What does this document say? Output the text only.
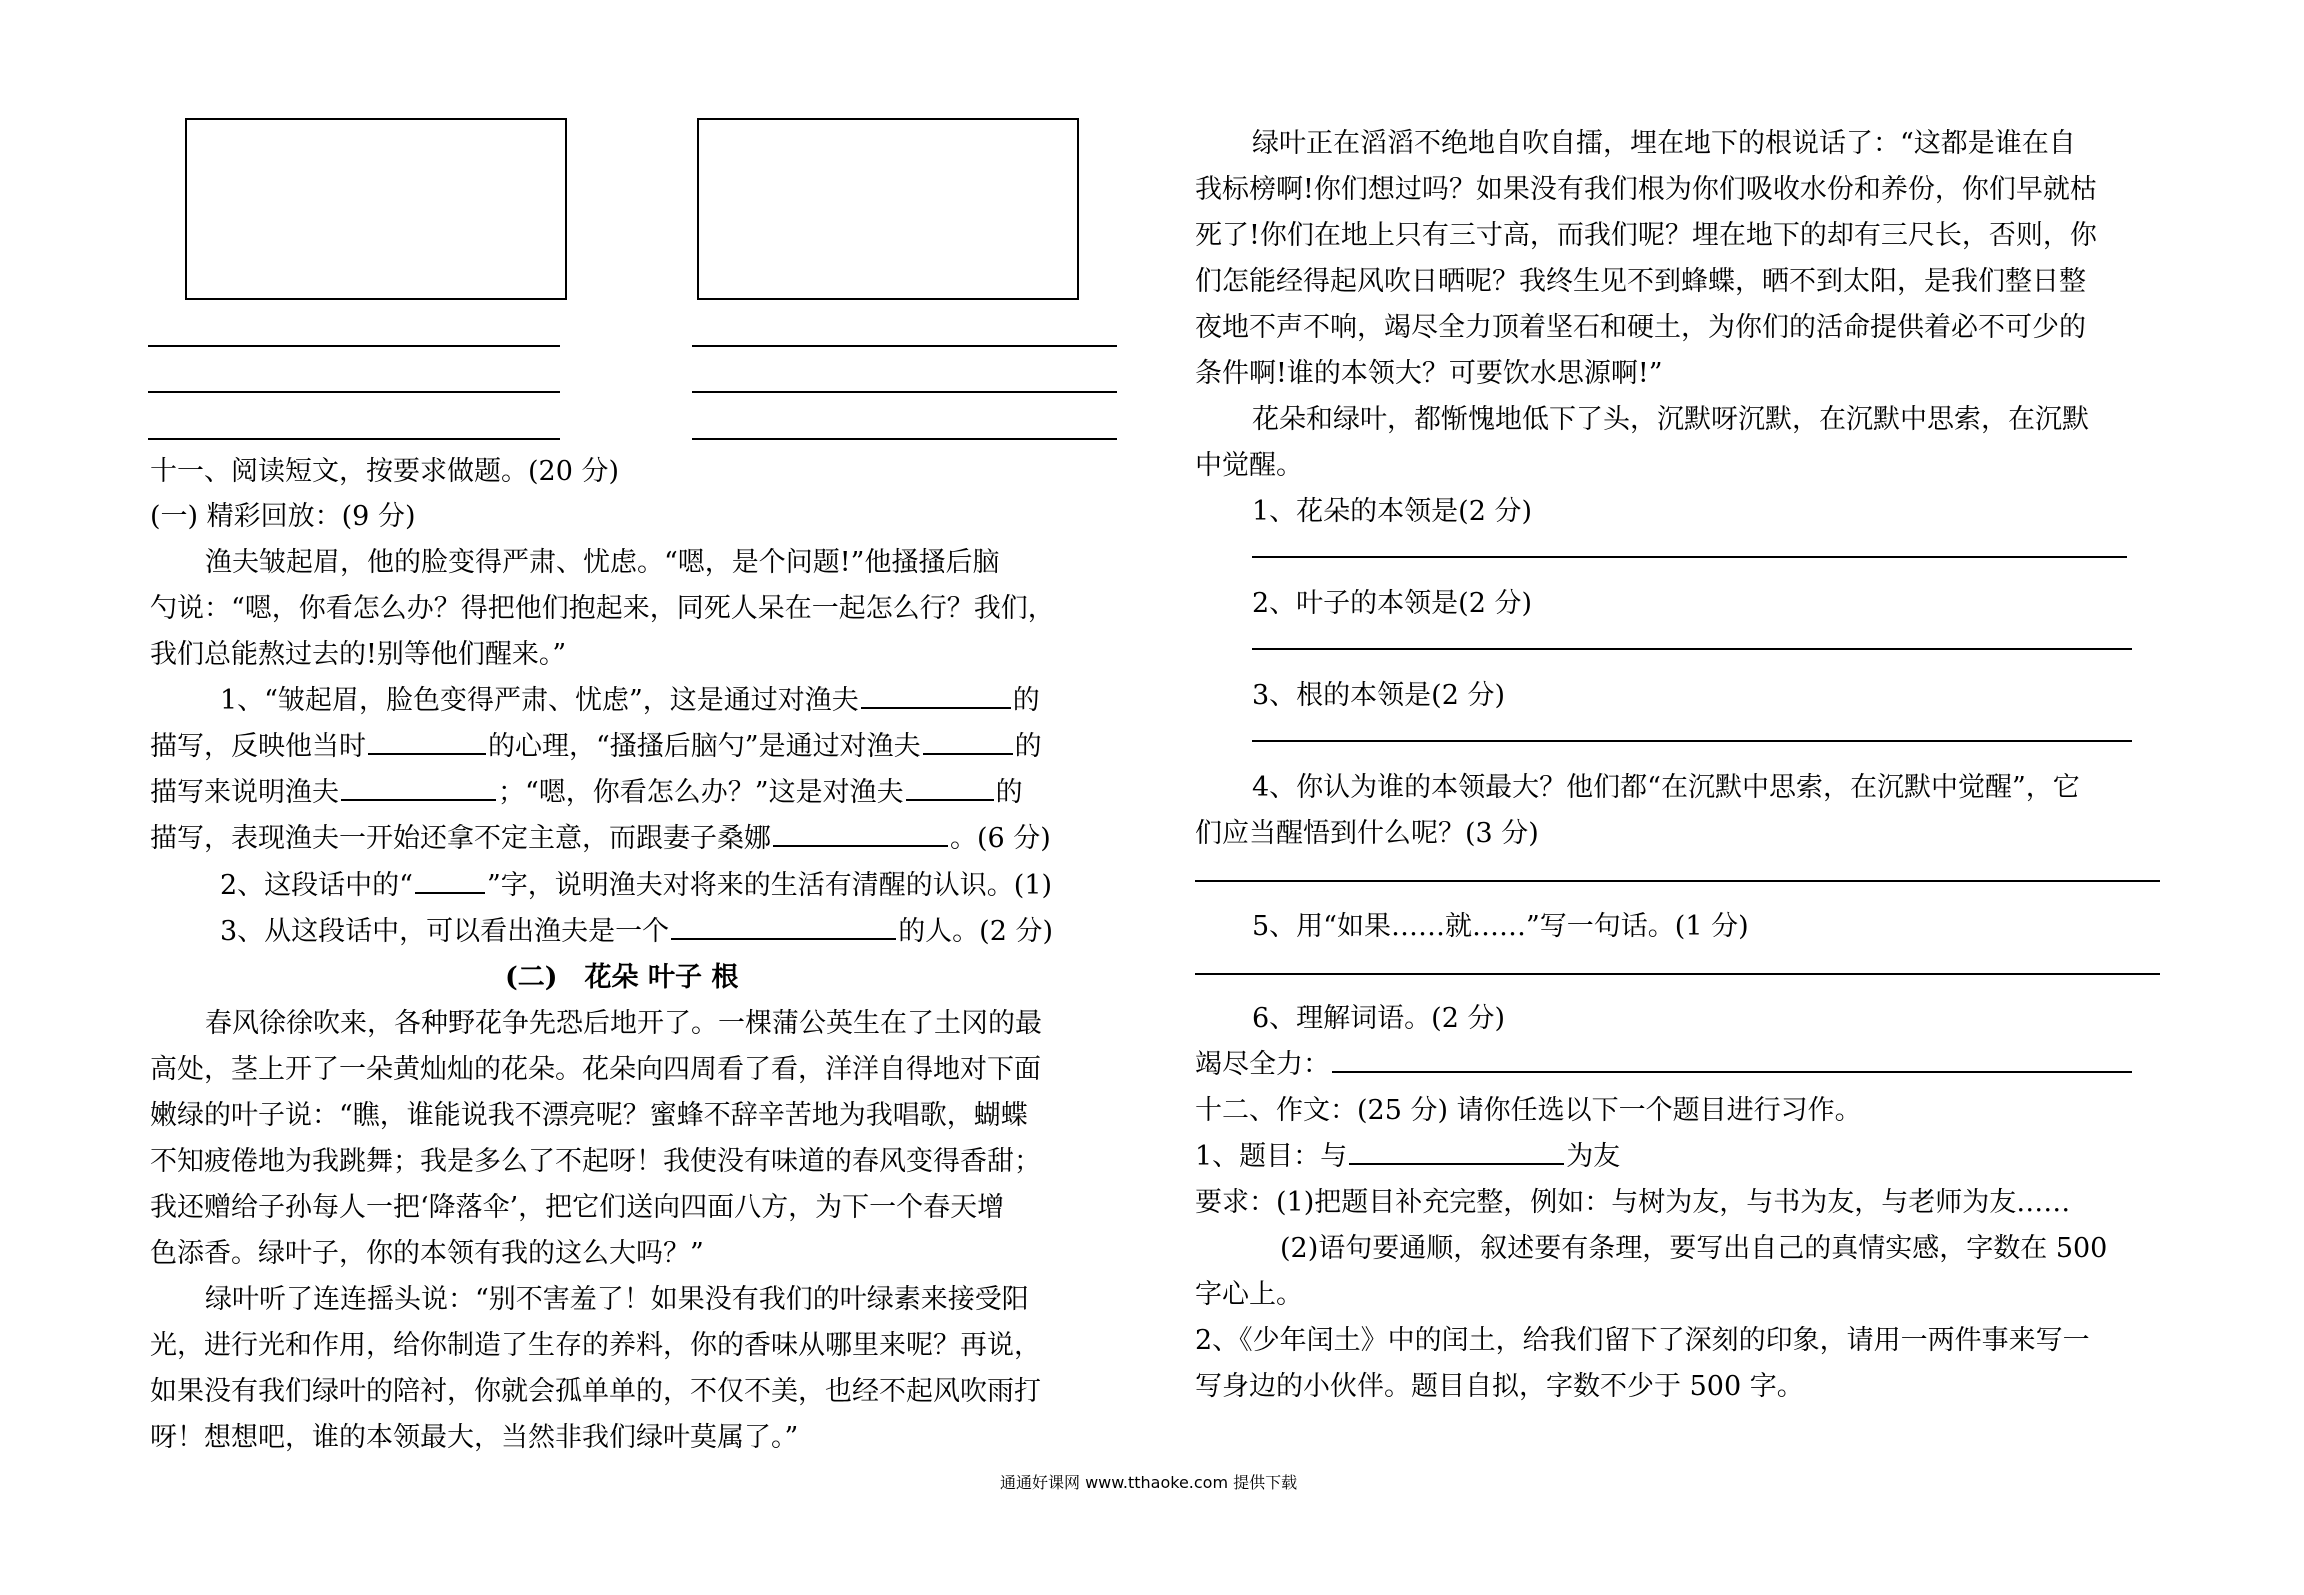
十一、阅读短文，按要求做题。(20 分)
(一) 精彩回放：(9 分)
渔夫皱起眉，他的脸变得严肃、忧虑。“嗯，是个问题!”他搔搔后脑
勺说：“嗯，你看怎么办？得把他们抱起来，同死人呆在一起怎么行？我们，
我们总能熬过去的!别等他们醒来。”
1、“皱起眉，脸色变得严肃、忧虑”，这是通过对渔夫	的
描写，反映他当时	的心理，“搔搔后脑勺”是通过对渔夫	的
描写来说明渔夫	；“嗯，你看怎么办？”这是对渔夫	的
描写，表现渔夫一开始还拿不定主意，而跟妻子桑娜	。(6 分)
2、这段话中的“	”字，说明渔夫对将来的生活有清醒的认识。(1)
3、从这段话中，可以看出渔夫是一个	的人。(2 分)
(二)　花朵 叶子 根
春风徐徐吹来，各种野花争先恐后地开了。一棵蒲公英生在了土冈的最
高处，茎上开了一朵黄灿灿的花朵。花朵向四周看了看，洋洋自得地对下面
嫩绿的叶子说：“瞧，谁能说我不漂亮呢？蜜蜂不辞辛苦地为我唱歌，蝴蝶
不知疲倦地为我跳舞；我是多么了不起呀！我使没有味道的春风变得香甜；
我还赠给子孙每人一把‘降落伞’，把它们送向四面八方，为下一个春天增
色添香。绿叶子，你的本领有我的这么大吗？”
绿叶听了连连摇头说：“别不害羞了！如果没有我们的叶绿素来接受阳
光，进行光和作用，给你制造了生存的养料，你的香味从哪里来呢？再说，
如果没有我们绿叶的陪衬，你就会孤单单的，不仅不美，也经不起风吹雨打
呀！想想吧，谁的本领最大，当然非我们绿叶莫属了。”
绿叶正在滔滔不绝地自吹自擂，埋在地下的根说话了：“这都是谁在自
我标榜啊!你们想过吗？如果没有我们根为你们吸收水份和养份，你们早就枯
死了!你们在地上只有三寸高，而我们呢？埋在地下的却有三尺长，否则，你
们怎能经得起风吹日晒呢？我终生见不到蜂蝶，晒不到太阳，是我们整日整
夜地不声不响，竭尽全力顶着坚石和硬土，为你们的活命提供着必不可少的
条件啊!谁的本领大？可要饮水思源啊!”
花朵和绿叶，都惭愧地低下了头，沉默呀沉默，在沉默中思索，在沉默
中觉醒。
1、花朵的本领是(2 分)
2、叶子的本领是(2 分)
3、根的本领是(2 分)
4、你认为谁的本领最大？他们都“在沉默中思索，在沉默中觉醒”，它
们应当醒悟到什么呢？(3 分)
5、用“如果……就……”写一句话。(1 分)
6、理解词语。(2 分)
竭尽全力：
十二、作文：(25 分) 请你任选以下一个题目进行习作。
1、题目：与	为友
要求：(1)把题目补充完整，例如：与树为友，与书为友，与老师为友……
(2)语句要通顺，叙述要有条理，要写出自己的真情实感，字数在 500
字心上。
2、《少年闰土》中的闰土，给我们留下了深刻的印象，请用一两件事来写一
写身边的小伙伴。题目自拟，字数不少于 500 字。
通通好课网 www.tthaoke.com 提供下载
